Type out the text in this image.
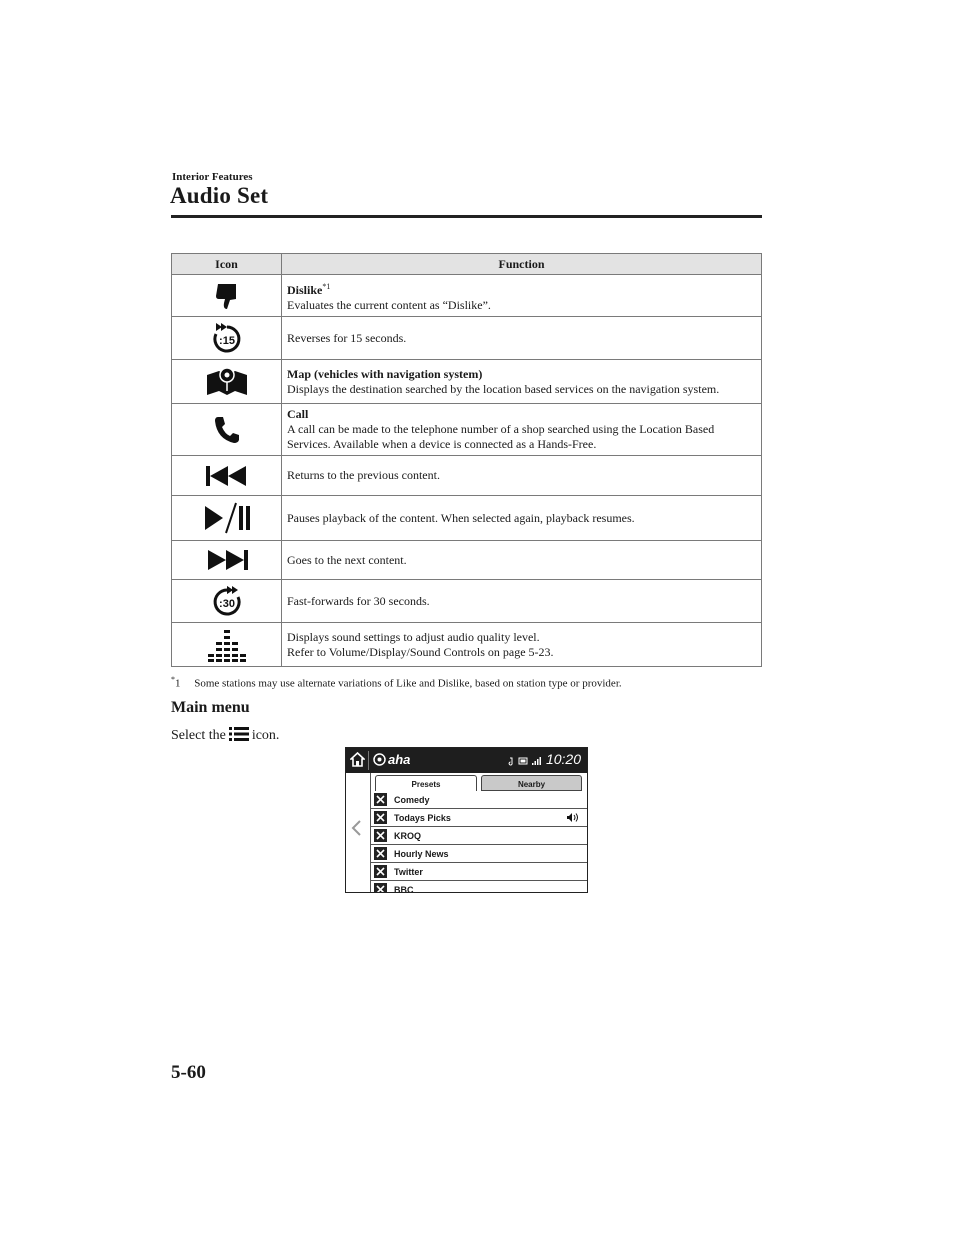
Interior Features
Audio Set
Icon	Function

Dislike$^{*1}$
Evaluates the current content as “Dislike”.

:15	Reverses for 15 seconds.

Map (vehicles with navigation system)
Displays the destination searched by the location based services on the navigation system.

Call
A call can be made to the telephone number of a shop searched using the Location Based Services. Available when a device is connected as a Hands-Free.

Returns to the previous content.

Pauses playback of the content. When selected again, playback resumes.

Goes to the next content.

:30	Fast-forwards for 30 seconds.

Displays sound settings to adjust audio quality level.
Refer to Volume/Display/Sound Controls on page 5-23.
*1     Some stations may use alternate variations of Like and Dislike, based on station type or provider.
Main menu
Select the icon.
aha	10:20
Presets	Nearby
Comedy
Todays Picks
KROQ
Hourly News
Twitter
BBC
5-60
